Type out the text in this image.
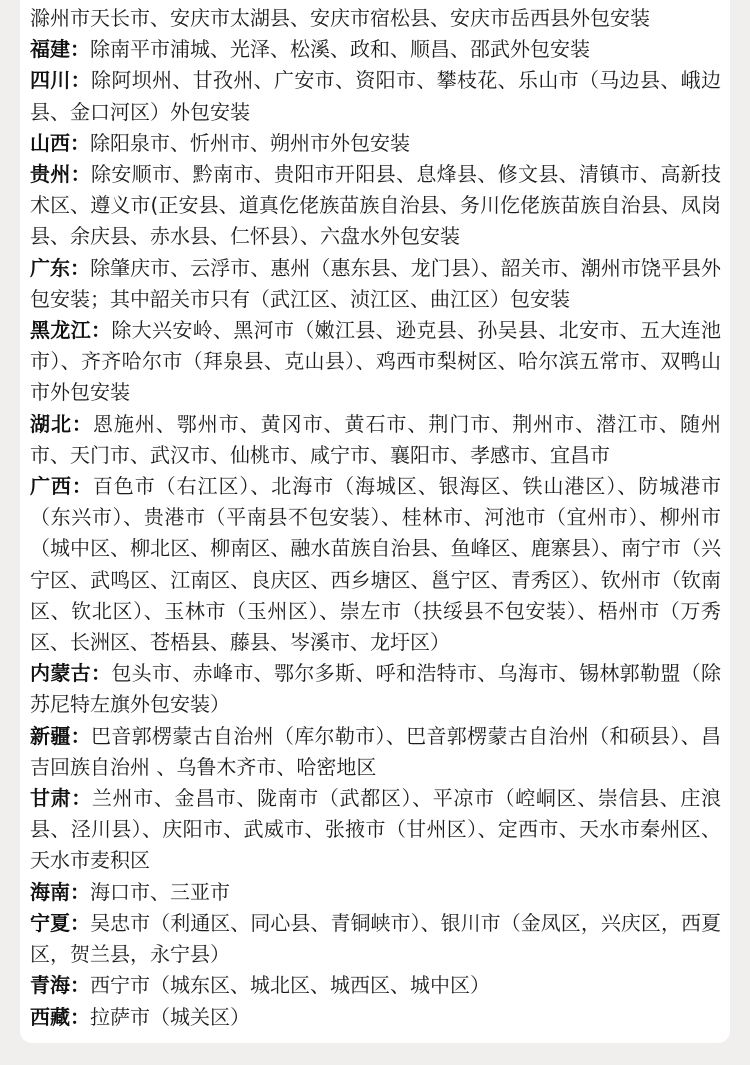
滁州市天长市、安庆市太湖县、安庆市宿松县、安庆市岳西县外包安装

福建：除南平市浦城、光泽、松溪、政和、顺昌、邵武外包安装

四川：除阿坝州、甘孜州、广安市、资阳市、攀枝花、乐山市（马边县、峨边县、金口河区）外包安装

山西：除阳泉市、忻州市、朔州市外包安装

贵州：除安顺市、黔南市、贵阳市开阳县、息烽县、修文县、清镇市、高新技术区、遵义市(正安县、道真仡佬族苗族自治县、务川仡佬族苗族自治县、凤岗县、余庆县、赤水县、仁怀县）、六盘水外包安装

广东：除肇庆市、云浮市、惠州（惠东县、龙门县）、韶关市、潮州市饶平县外包安装；其中韶关市只有（武江区、浈江区、曲江区）包安装

黑龙江：除大兴安岭、黑河市（嫩江县、逊克县、孙吴县、北安市、五大连池市）、齐齐哈尔市（拜泉县、克山县）、鸡西市梨树区、哈尔滨五常市、双鸭山市外包安装

湖北：恩施州、鄂州市、黄冈市、黄石市、荆门市、荆州市、潜江市、随州市、天门市、武汉市、仙桃市、咸宁市、襄阳市、孝感市、宜昌市

广西：百色市（右江区）、北海市（海城区、银海区、铁山港区）、防城港市（东兴市）、贵港市（平南县不包安装）、桂林市、河池市（宜州市）、柳州市（城中区、柳北区、柳南区、融水苗族自治县、鱼峰区、鹿寨县）、南宁市（兴宁区、武鸣区、江南区、良庆区、西乡塘区、邕宁区、青秀区）、钦州市（钦南区、钦北区）、玉林市（玉州区）、崇左市（扶绥县不包安装）、梧州市（万秀区、长洲区、苍梧县、藤县、岑溪市、龙圩区）

内蒙古：包头市、赤峰市、鄂尔多斯、呼和浩特市、乌海市、锡林郭勒盟（除苏尼特左旗外包安装）

新疆：巴音郭楞蒙古自治州（库尔勒市）、巴音郭楞蒙古自治州（和硕县）、昌吉回族自治州 、乌鲁木齐市、哈密地区

甘肃：兰州市、金昌市、陇南市（武都区）、平凉市（崆峒区、崇信县、庄浪县、泾川县）、庆阳市、武威市、张掖市（甘州区）、定西市、天水市秦州区、天水市麦积区

海南：海口市、三亚市

宁夏：吴忠市（利通区、同心县、青铜峡市）、银川市（金凤区，兴庆区，西夏区，贺兰县，永宁县）

青海：西宁市（城东区、城北区、城西区、城中区）

西藏：拉萨市（城关区）
